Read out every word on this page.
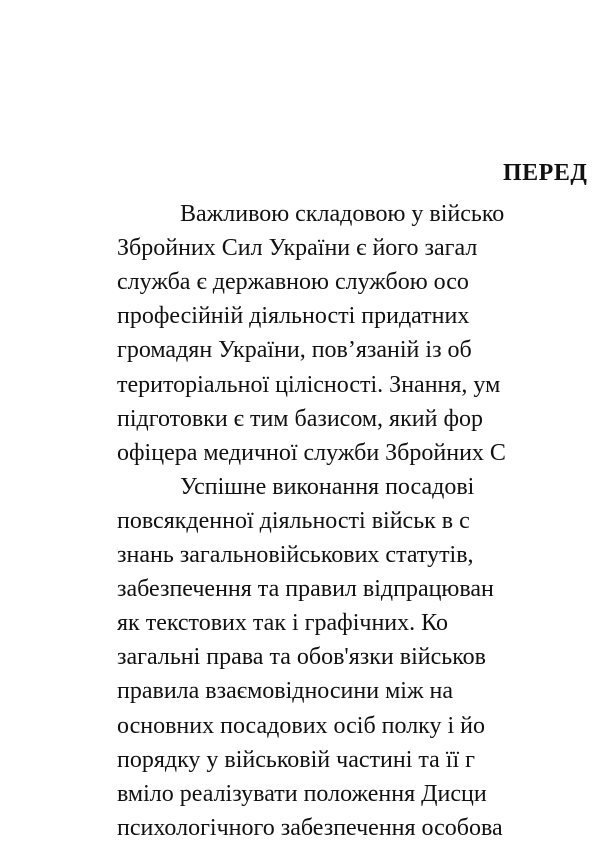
ПЕРЕД
Важливою складовою у військо
Збройних Сил України є його загал
служба є державною службою осо
професійній діяльності придатних
громадян України, пов’язаній із об
територіальної цілісності. Знання, ум
підготовки є тим базисом, який фор
офіцера медичної служби Збройних С
Успішне виконання посадові
повсякденної діяльності військ в с
знань загальновійськових статутів,
забезпечення та правил відпрацюван
як текстових так і графічних. Ко
загальні права та обов'язки військов
правила взаємовідносини між на
основних посадових осіб полку і йо
порядку у військовій частині та її г
вміло реалізувати положення Дисци
психологічного забезпечення особова
